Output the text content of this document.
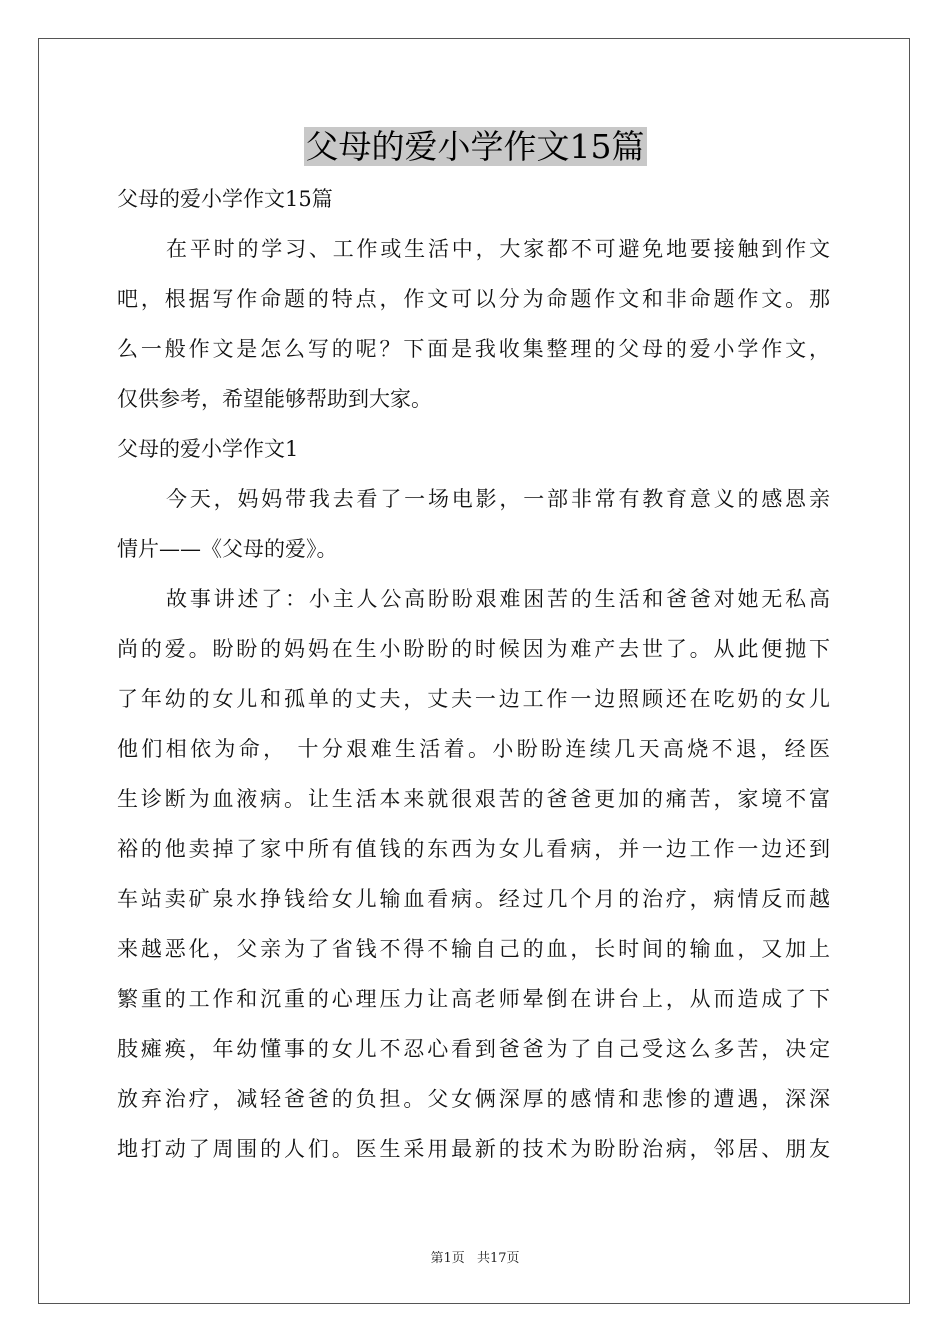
父母的爱小学作文15篇
父母的爱小学作文15篇
在平时的学习、工作或生活中，大家都不可避免地要接触到作文
吧，根据写作命题的特点，作文可以分为命题作文和非命题作文。那
么一般作文是怎么写的呢？下面是我收集整理的父母的爱小学作文，
仅供参考，希望能够帮助到大家。
父母的爱小学作文1
今天，妈妈带我去看了一场电影，一部非常有教育意义的感恩亲
情片——《父母的爱》。
故事讲述了：小主人公高盼盼艰难困苦的生活和爸爸对她无私高
尚的爱。盼盼的妈妈在生小盼盼的时候因为难产去世了。从此便抛下
了年幼的女儿和孤单的丈夫，丈夫一边工作一边照顾还在吃奶的女儿
他们相依为命， 十分艰难生活着。小盼盼连续几天高烧不退，经医
生诊断为血液病。让生活本来就很艰苦的爸爸更加的痛苦，家境不富
裕的他卖掉了家中所有值钱的东西为女儿看病，并一边工作一边还到
车站卖矿泉水挣钱给女儿输血看病。经过几个月的治疗，病情反而越
来越恶化，父亲为了省钱不得不输自己的血，长时间的输血，又加上
繁重的工作和沉重的心理压力让高老师晕倒在讲台上，从而造成了下
肢瘫痪，年幼懂事的女儿不忍心看到爸爸为了自己受这么多苦，决定
放弃治疗，减轻爸爸的负担。父女俩深厚的感情和悲惨的遭遇，深深
地打动了周围的人们。医生采用最新的技术为盼盼治病，邻居、朋友
第1页 共17页
